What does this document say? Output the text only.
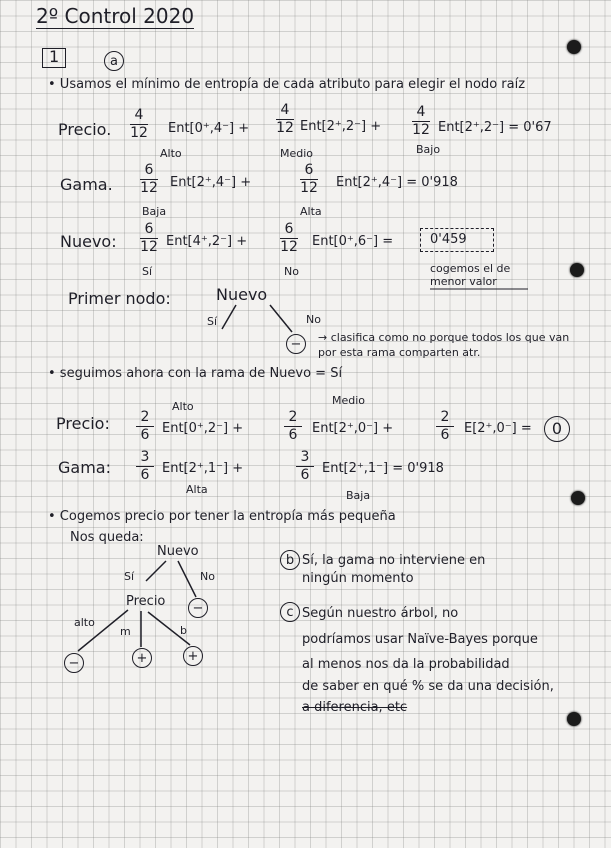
2º Control 2020
1	a
• Usamos el mínimo de entropía de cada atributo para elegir el nodo raíz
Precio.
4
12 Ent[0⁺,4⁻] +
Alto
4
12 Ent[2⁺,2⁻] +
Medio
4
12 Ent[2⁺,2⁻] = 0'67
Bajo
Gama.
6
12 Ent[2⁺,4⁻] +
Baja
6
12 Ent[2⁺,4⁻] = 0'918
Alta
Nuevo:
6
12 Ent[4⁺,2⁻] +
Sí
6
12 Ent[0⁺,6⁻] =
No
0'459
cogemos el de menor valor
Primer nodo:	Nuevo
Sí	No
− → clasifica como no porque todos los que van por esta rama comparten atr.
• seguimos ahora con la rama de Nuevo = Sí
Precio: 2
6 Ent[0⁺,2⁻] +
Alto
2
6 Ent[2⁺,0⁻] +
Medio
2
6 E[2⁺,0⁻] = 0
Gama:
3
6 Ent[2⁺,1⁻] +
Alta
3
6 Ent[2⁺,1⁻] = 0'918
Baja
• Cogemos precio por tener la entropía más pequeña
Nos queda:
Nuevo
Sí	No
Precio −
alto
m	b
−	+	+
b Sí, la gama no interviene en
ningún momento
c Según nuestro árbol, no
podríamos usar Naïve-Bayes porque
al menos nos da la probabilidad
de saber en qué % se da una decisión,
a diferencia, etc
